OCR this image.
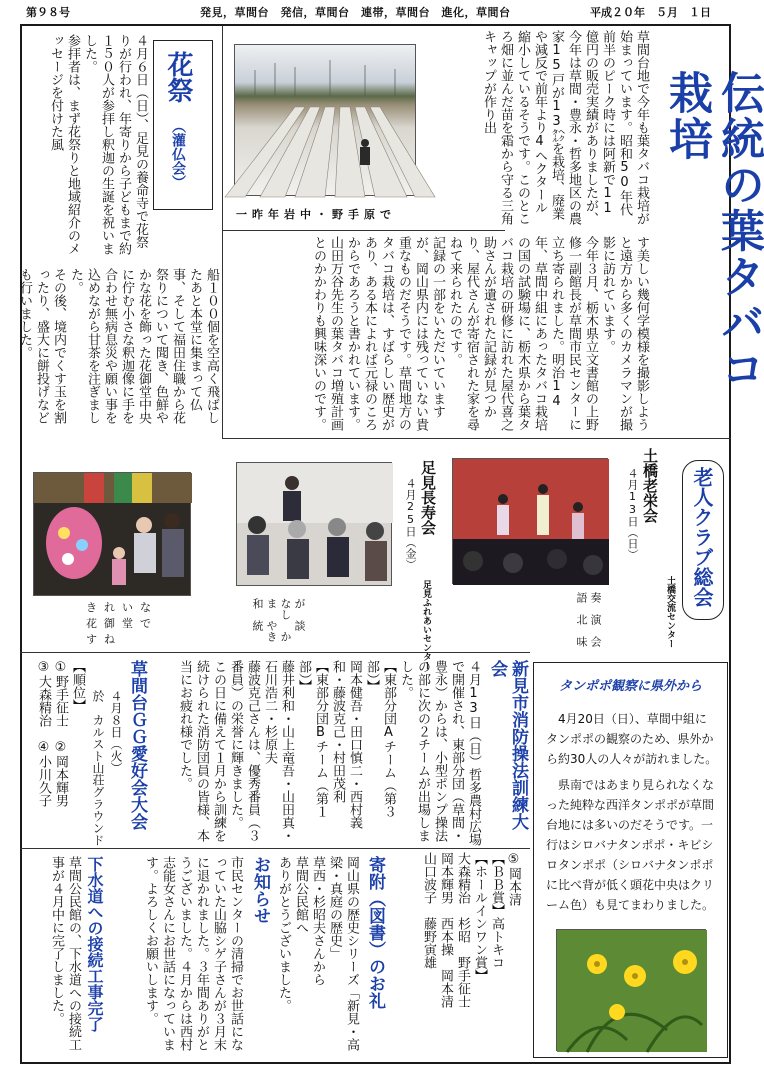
第９８号	発見，草間台　発信，草間台　連帯，草間台　進化，草間台	平成２０年　５月　１日
伝統の葉タバコ栽培
草間台地で今年も葉タバコ栽培が始まっています。昭和50年代前半のピーク時には阿新で11億円の販売実績がありましたが、今年は草間・豊永・哲多地区の農家15戸が13㌶を栽培、廃業や減反で前年より4ヘクタール縮小しているそうです。このところ畑に並んだ苗を霜から守る三角キャップが作り出
一昨年岩中・野手原で
す美しい幾何学模様を撮影しようと遠方から多くのカメラマンが撮影に訪れています。
今年３月、栃木県立文書館の上野修一副館長が草間市民センターに立ち寄られました。明治14年、草間中組にあったタバコ栽培の国の試験場に、栃木県から葉タバコ栽培の研修に訪れた屋代喜之助さんが遺された記録が見つかり、屋代さんが寄宿された家を尋ねて来られたのです。
記録の一部をいただいていますが、岡山県内には残っていない貴重なものだそうです。草間地方のタバコ栽培は、すばらしい歴史があり、ある本によれば元禄のころからであろうと書かれています。山田万谷先生の葉タバコ増殖計画とのかかわりも興味深いのです。
花祭
（灌仏会）
４月６日（日）、足見の養命寺で花祭りが行われ、年寄りから子どもまで約１５０人が参拝し釈迦の生誕を祝いました。
参拝者は、まず花祭りと地域紹介のメッセージを付けた風
船１００個を空高く飛ばしたあと本堂に集まって仏事、そして福田住職から花祭りについて聞き、色鮮やかな花を飾った花御堂中央に佇む小さな釈迦像に手を合わせ無病息災や願い事を込めながら甘茶を注ぎました。
その後、境内でくす玉を割ったり、盛大に餅投げなども行いました。
きれいな花御堂ですね
老人クラブ総会
土橋老栄会
４月13日（日）
土橋交流センター
奏　演　会　語　北　味
足見長寿会
４月25日（金）
足見ふれあいセンター
が　談　なし　かま　やき　和　統
新見市消防操法訓練大会
４月13日（日）哲多農村広場で開催され、東部分団（草間・豊永）からは、小型ポンプ操法の部に次の２チームが出場しました。
【東部分団Aチーム（第３部）】
岡本健吾・田口慎二・西村義和・藤波克己・村田茂利
【東部分団Bチーム（第１部）】
藤井利和・山上竜吾・山田真・石川浩二・杉原夫
藤波克己さんは、優秀番員（３番員）の栄誉に輝きました。
この日に備えて１月から訓練を続けられた消防団員の皆様、本当にお疲れ様でした。
草間台ＧＧ愛好会大会
４月８日（火）
於　カルスト山荘グラウンド
【順位】
①野手征士　②岡本輝男
③大森精治　④小川久子
⑤岡本清
【ＢＢ賞】高トキコ
【ホールインワン賞】
大森精治　杉昭　野手征士
岡本輝男　西本操　岡本清
山口波子　藤野寅雄
寄附（図書）のお礼
岡山県の歴史シリーズ「新見・高梁・真庭の歴史」
草西・杉昭夫さんから
草間公民館へ
ありがとうございました。
お知らせ
市民センターの清掃でお世話になっていた山脇シゲ子さんが３月末に退かれました。３年間ありがとうございました。４月からは西村志能女さんにお世話になっています。よろしくお願いします。
下水道への接続工事完了
草間公民館の、下水道への接続工事が４月中に完了しました。
タンポポ観察に県外から
4月20日（日）、草間中組にタンポポの観察のため、県外から約30人の人々が訪れました。
県南ではあまり見られなくなった純粋な西洋タンポポが草間台地には多いのだそうです。一行はシロバナタンポポ・キビシロタンポポ（シロバナタンポポに比べ背が低く頭花中央はクリーム色）も見てまわりました。
